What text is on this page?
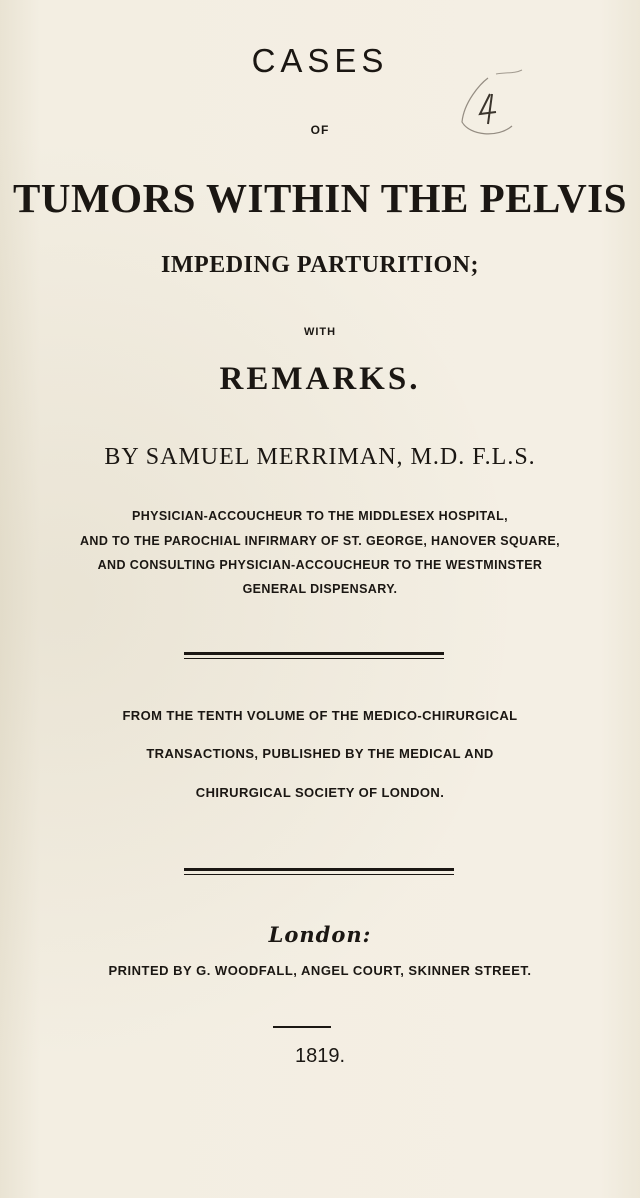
CASES
OF
TUMORS WITHIN THE PELVIS
IMPEDING PARTURITION;
WITH
REMARKS.
BY SAMUEL MERRIMAN, M.D. F.L.S.
PHYSICIAN-ACCOUCHEUR TO THE MIDDLESEX HOSPITAL,
AND TO THE PAROCHIAL INFIRMARY OF ST. GEORGE, HANOVER SQUARE,
AND CONSULTING PHYSICIAN-ACCOUCHEUR TO THE WESTMINSTER
GENERAL DISPENSARY.
FROM THE TENTH VOLUME OF THE MEDICO-CHIRURGICAL
TRANSACTIONS, PUBLISHED BY THE MEDICAL AND
CHIRURGICAL SOCIETY OF LONDON.
London:
PRINTED BY G. WOODFALL, ANGEL COURT, SKINNER STREET.
1819.
